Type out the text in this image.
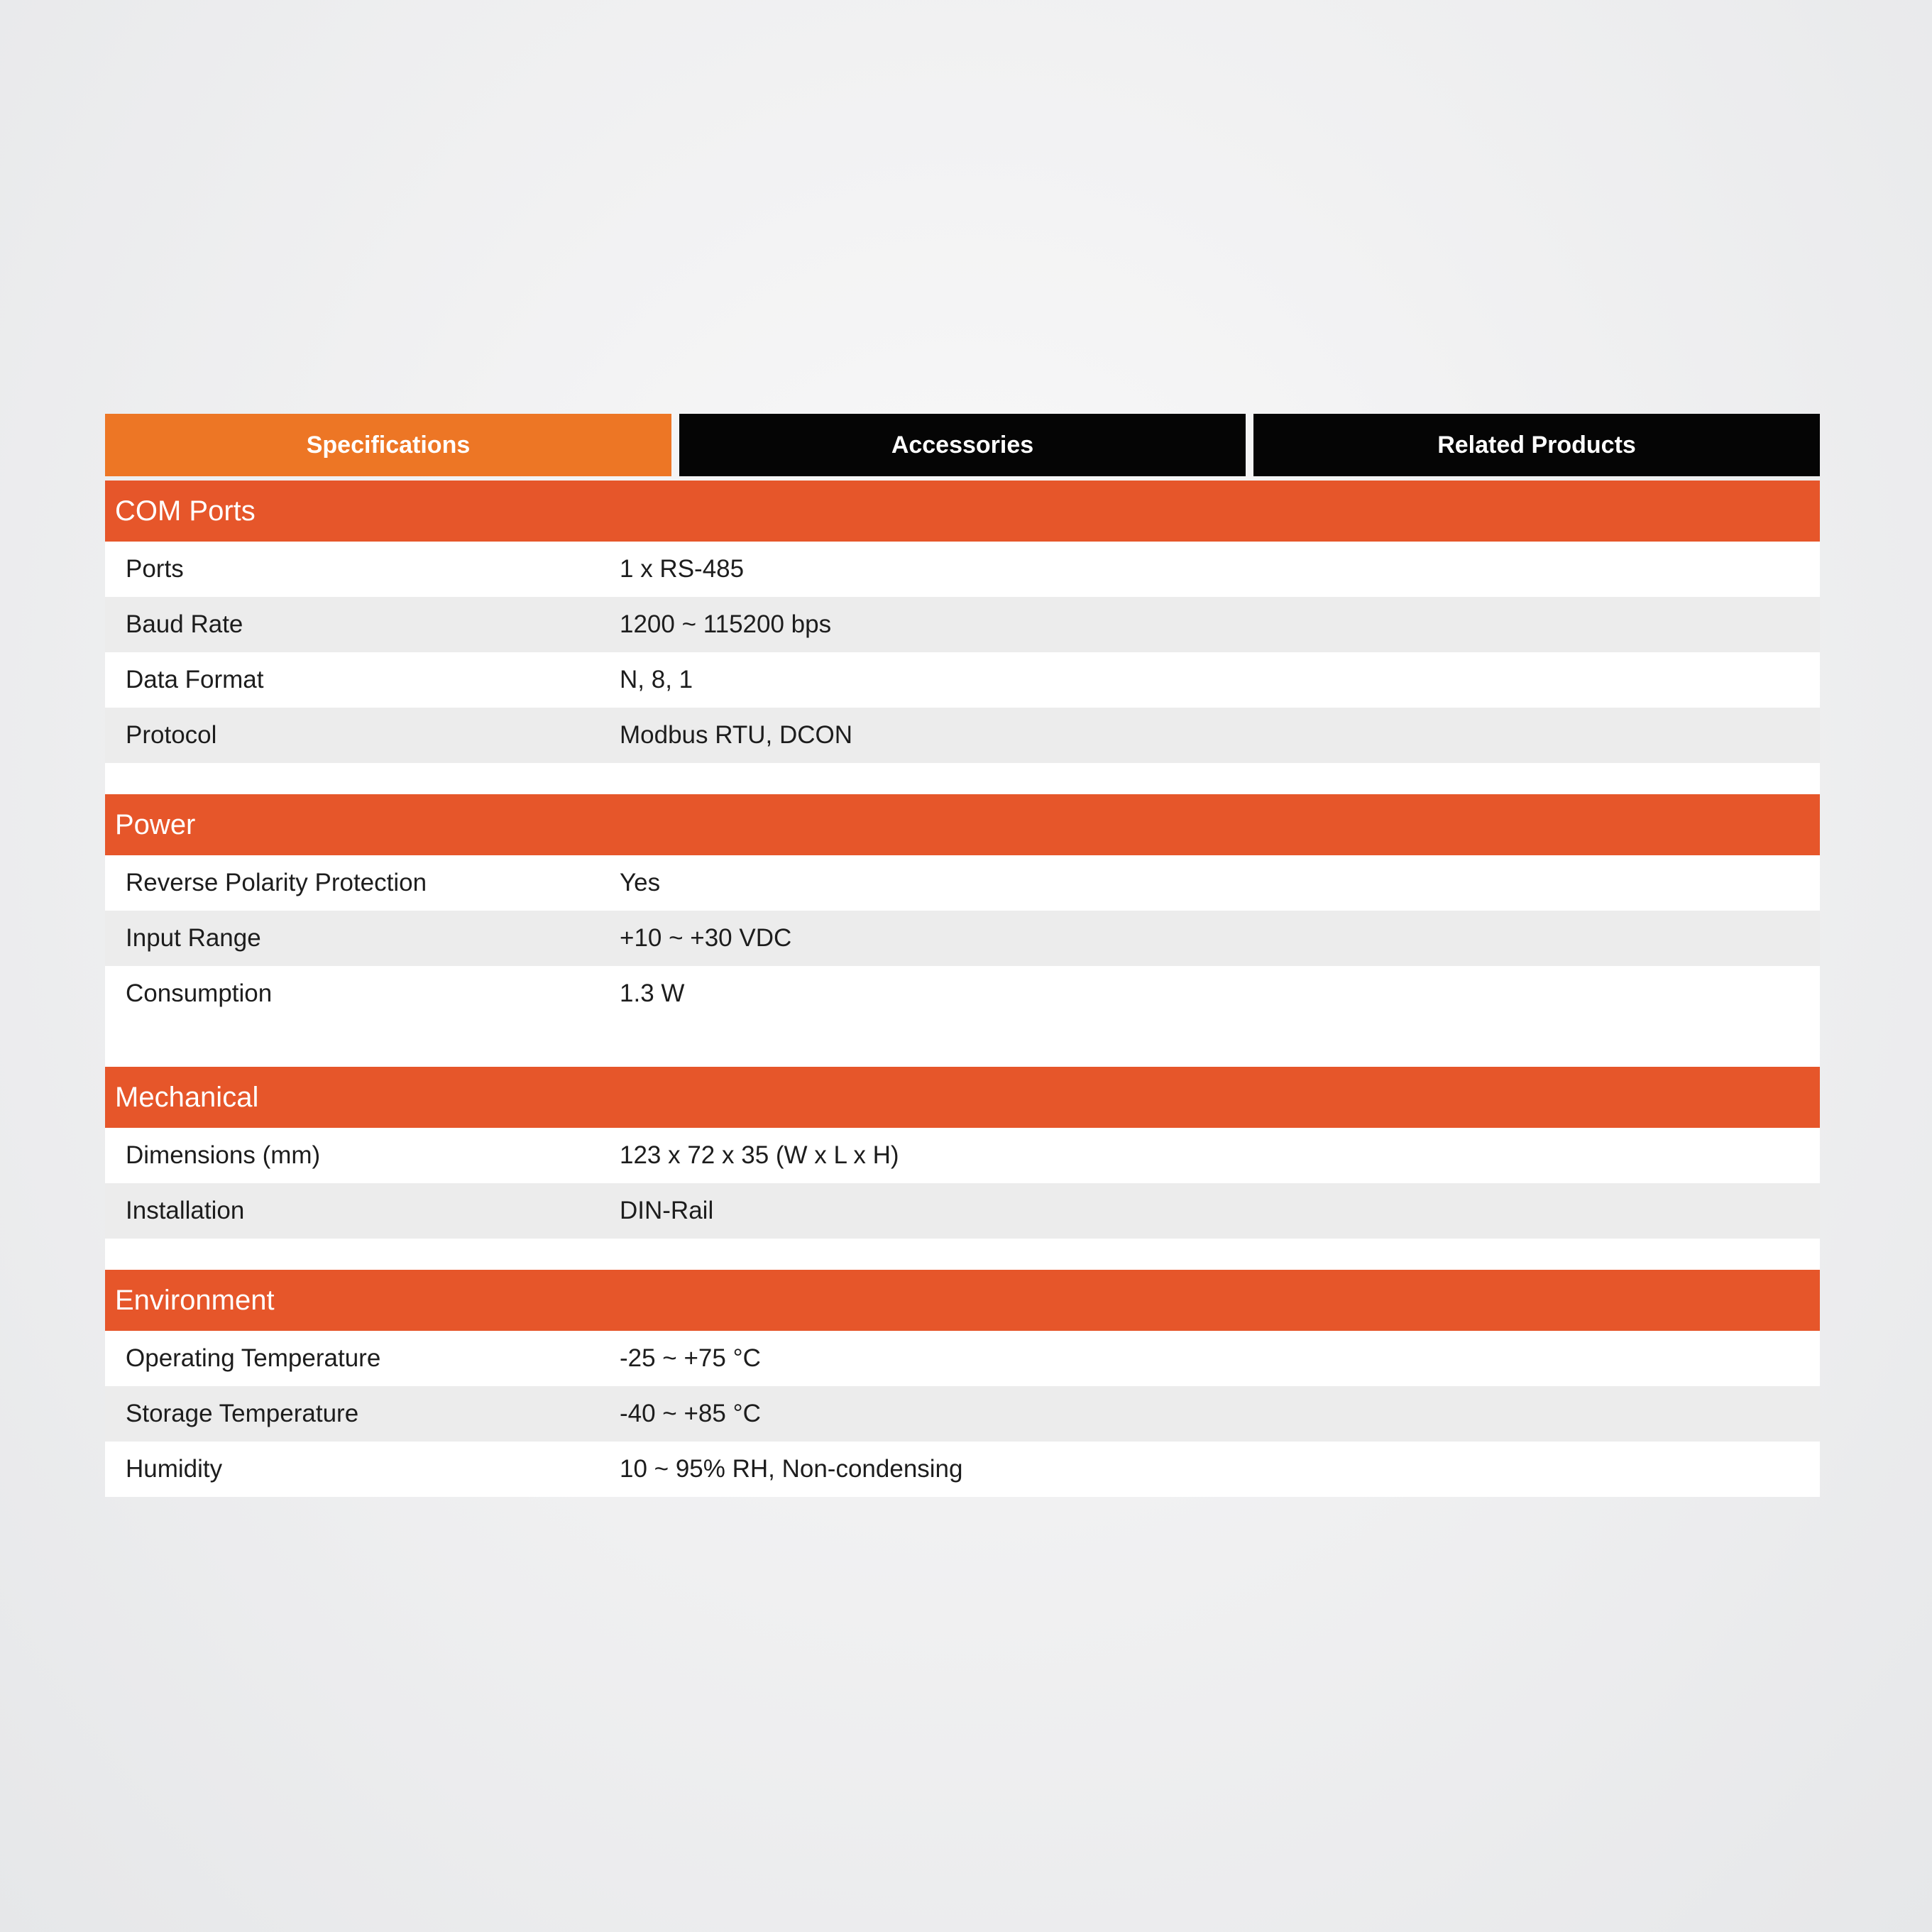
Specifications	Accessories	Related Products
COM Ports
Ports	1 x RS-485
Baud Rate	1200 ~ 115200 bps
Data Format	N, 8, 1
Protocol	Modbus RTU, DCON
Power
Reverse Polarity Protection	Yes
Input Range	+10 ~ +30 VDC
Consumption	1.3 W
Mechanical
Dimensions (mm)	123 x 72 x 35 (W x L x H)
Installation	DIN-Rail
Environment
Operating Temperature	-25 ~ +75 °C
Storage Temperature	-40 ~ +85 °C
Humidity	10 ~ 95% RH, Non-condensing
